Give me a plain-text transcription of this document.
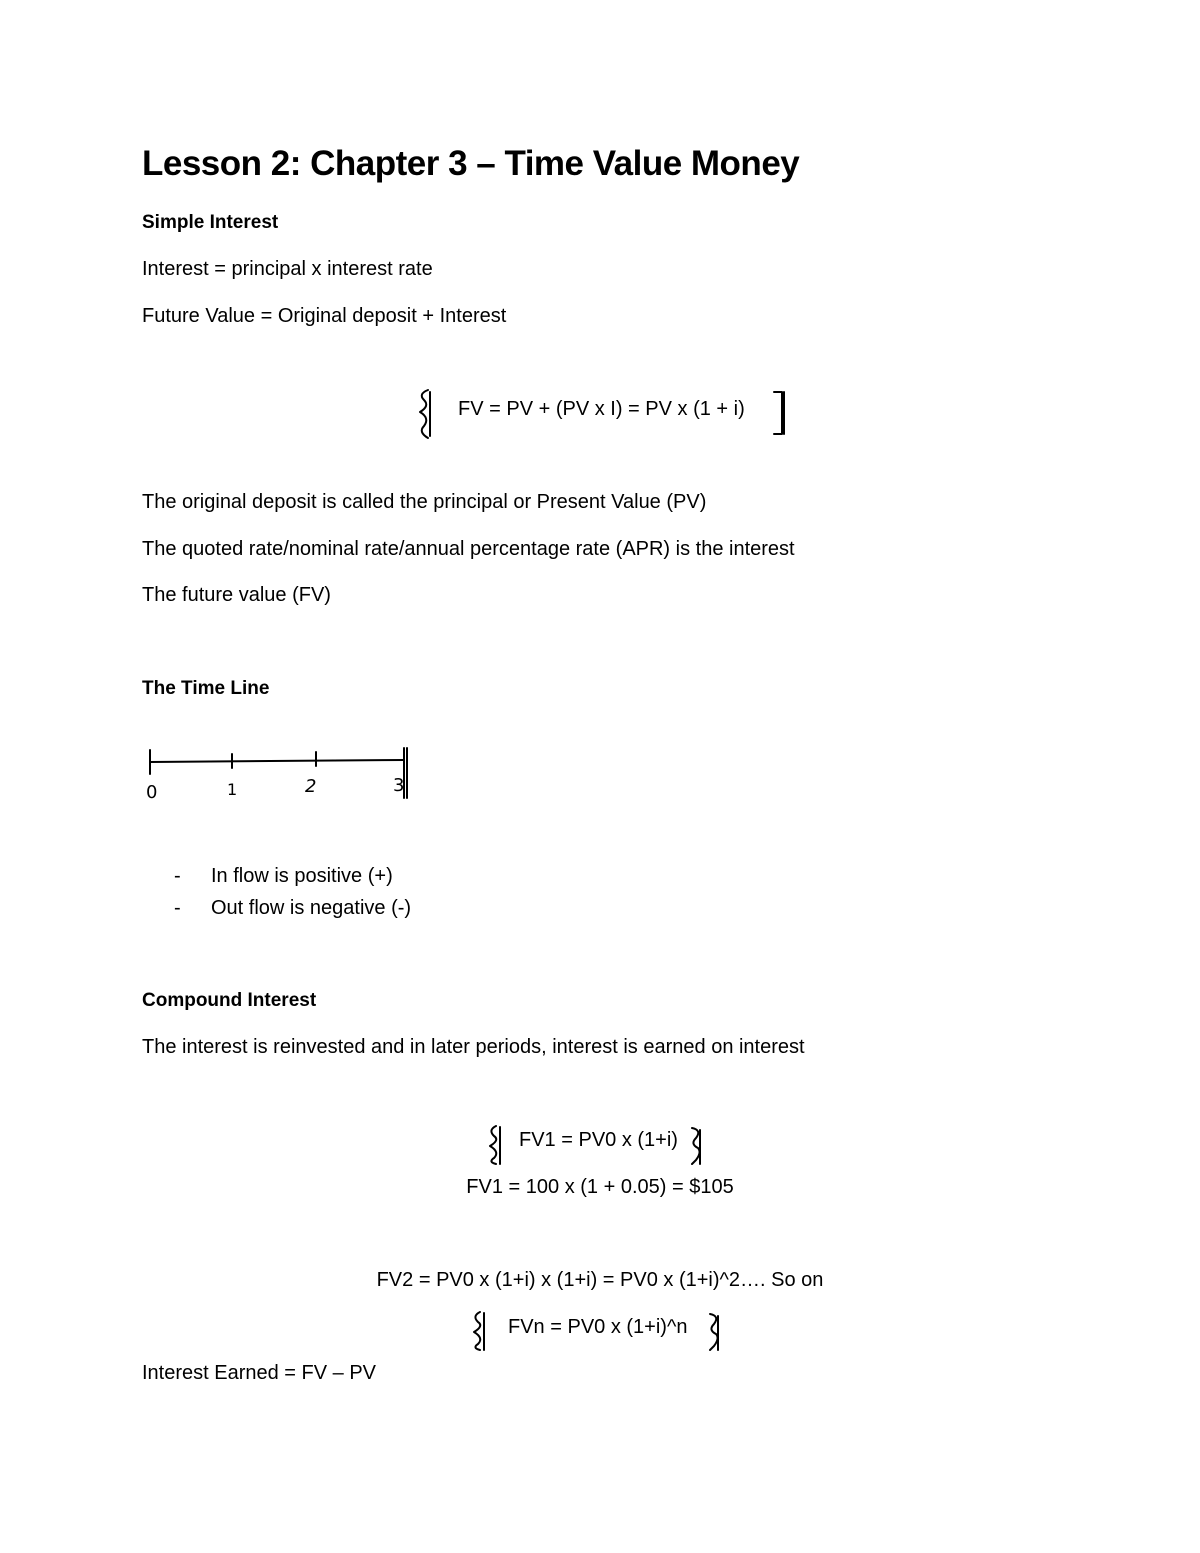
Lesson 2: Chapter 3 – Time Value Money
Simple Interest
Interest = principal x interest rate
Future Value = Original deposit + Interest
FV = PV + (PV x I) = PV x (1 + i)
The original deposit is called the principal or Present Value (PV)
The quoted rate/nominal rate/annual percentage rate (APR) is the interest
The future value (FV)
The Time Line
0	1	2	3
- In flow is positive (+)
- Out flow is negative (-)
Compound Interest
The interest is reinvested and in later periods, interest is earned on interest
FV1 = PV0 x (1+i)
FV1 = 100 x (1 + 0.05) = $105
FV2 = PV0 x (1+i) x (1+i) = PV0 x (1+i)^2…. So on
FVn = PV0 x (1+i)^n
Interest Earned = FV – PV
